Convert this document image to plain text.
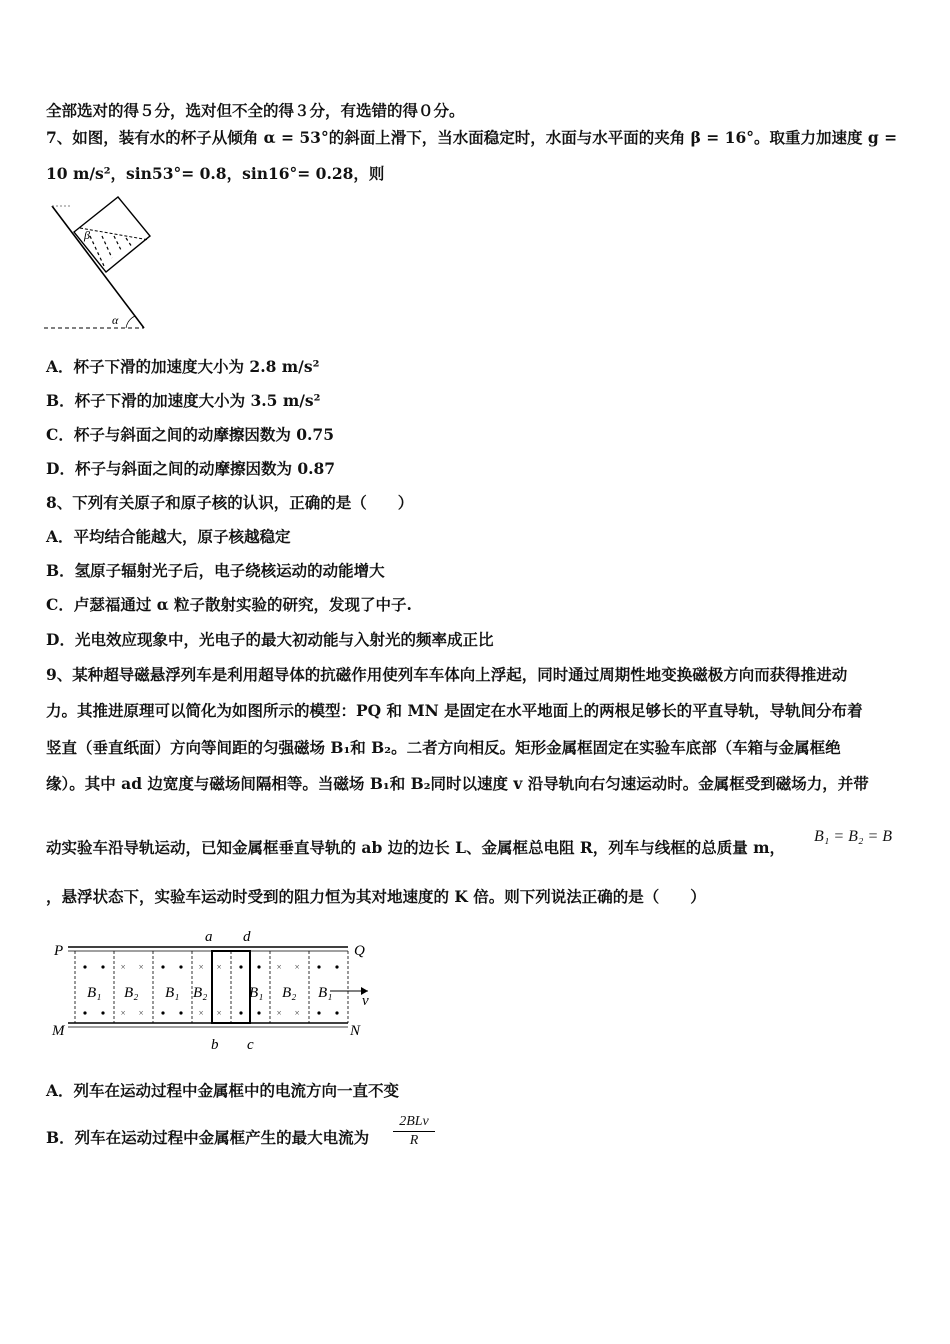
全部选对的得５分，选对但不全的得３分，有选错的得０分。
7、如图，装有水的杯子从倾角 α = 53°的斜面上滑下，当水面稳定时，水面与水平面的夹角 β = 16°。取重力加速度 g =
10 m/s²，sin53°= 0.8，sin16°= 0.28，则
β
α
A．杯子下滑的加速度大小为 2.8 m/s²
B．杯子下滑的加速度大小为 3.5 m/s²
C．杯子与斜面之间的动摩擦因数为 0.75
D．杯子与斜面之间的动摩擦因数为 0.87
8、下列有关原子和原子核的认识，正确的是（　　）
A．平均结合能越大，原子核越稳定
B．氢原子辐射光子后，电子绕核运动的动能增大
C．卢瑟福通过 α 粒子散射实验的研究，发现了中子.
D．光电效应现象中，光电子的最大初动能与入射光的频率成正比
9、某种超导磁悬浮列车是利用超导体的抗磁作用使列车车体向上浮起，同时通过周期性地变换磁极方向而获得推进动
力。其推进原理可以简化为如图所示的模型：PQ 和 MN 是固定在水平地面上的两根足够长的平直导轨，导轨间分布着
竖直（垂直纸面）方向等间距的匀强磁场 B₁和 B₂。二者方向相反。矩形金属框固定在实验车底部（车箱与金属框绝
缘）。其中 ad 边宽度与磁场间隔相等。当磁场 B₁和 B₂同时以速度 v 沿导轨向右匀速运动时。金属框受到磁场力，并带
动实验车沿导轨运动，已知金属框垂直导轨的 ab 边的边长 L、金属框总电阻 R，列车与线框的总质量 m，
B₁ = B₂ = B
，悬浮状态下，实验车运动时受到的阻力恒为其对地速度的 K 倍。则下列说法正确的是（　　）
× ×
× ×
× ×
× ×
× ×
× ×
B₁ B₂ B₁ B₂	B₁ B₂ B₁
P	Q
M	N
a d
b c
v
A．列车在运动过程中金属框中的电流方向一直不变
B．列车在运动过程中金属框产生的最大电流为
2BLv
R
